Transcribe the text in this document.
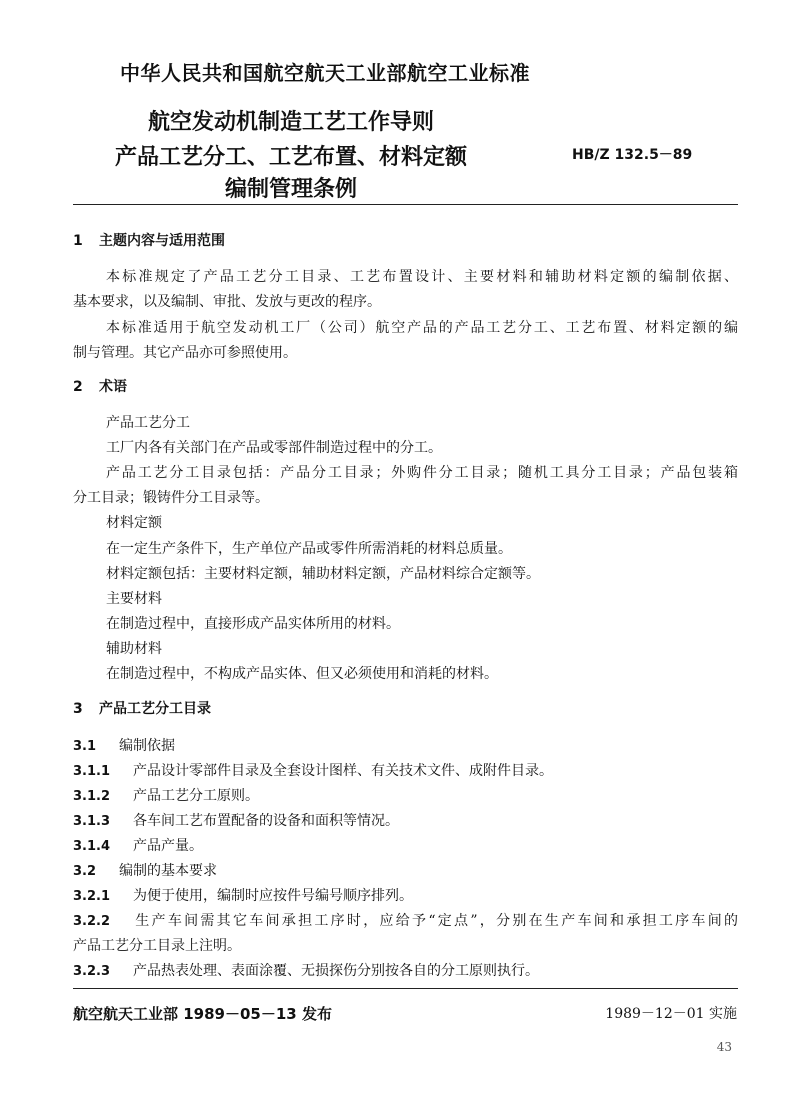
中华人民共和国航空航天工业部航空工业标准
航空发动机制造工艺工作导则
产品工艺分工、工艺布置、材料定额
编制管理条例
HB/Z 132.5－89
1 主题内容与适用范围
本标准规定了产品工艺分工目录、工艺布置设计、主要材料和辅助材料定额的编制依据、
基本要求，以及编制、审批、发放与更改的程序。
本标准适用于航空发动机工厂（公司）航空产品的产品工艺分工、工艺布置、材料定额的编
制与管理。其它产品亦可参照使用。
2 术语
产品工艺分工
工厂内各有关部门在产品或零部件制造过程中的分工。
产品工艺分工目录包括：产品分工目录；外购件分工目录；随机工具分工目录；产品包装箱
分工目录；锻铸件分工目录等。
材料定额
在一定生产条件下，生产单位产品或零件所需消耗的材料总质量。
材料定额包括：主要材料定额，辅助材料定额，产品材料综合定额等。
主要材料
在制造过程中，直接形成产品实体所用的材料。
辅助材料
在制造过程中，不构成产品实体、但又必须使用和消耗的材料。
3 产品工艺分工目录
3.1 编制依据
3.1.1 产品设计零部件目录及全套设计图样、有关技术文件、成附件目录。
3.1.2 产品工艺分工原则。
3.1.3 各车间工艺布置配备的设备和面积等情况。
3.1.4 产品产量。
3.2 编制的基本要求
3.2.1 为便于使用，编制时应按件号编号顺序排列。
3.2.2 生产车间需其它车间承担工序时，应给予“定点”，分别在生产车间和承担工序车间的
产品工艺分工目录上注明。
3.2.3 产品热表处理、表面涂覆、无损探伤分别按各自的分工原则执行。
航空航天工业部 1989－05－13 发布	1989－12－01 实施
43
